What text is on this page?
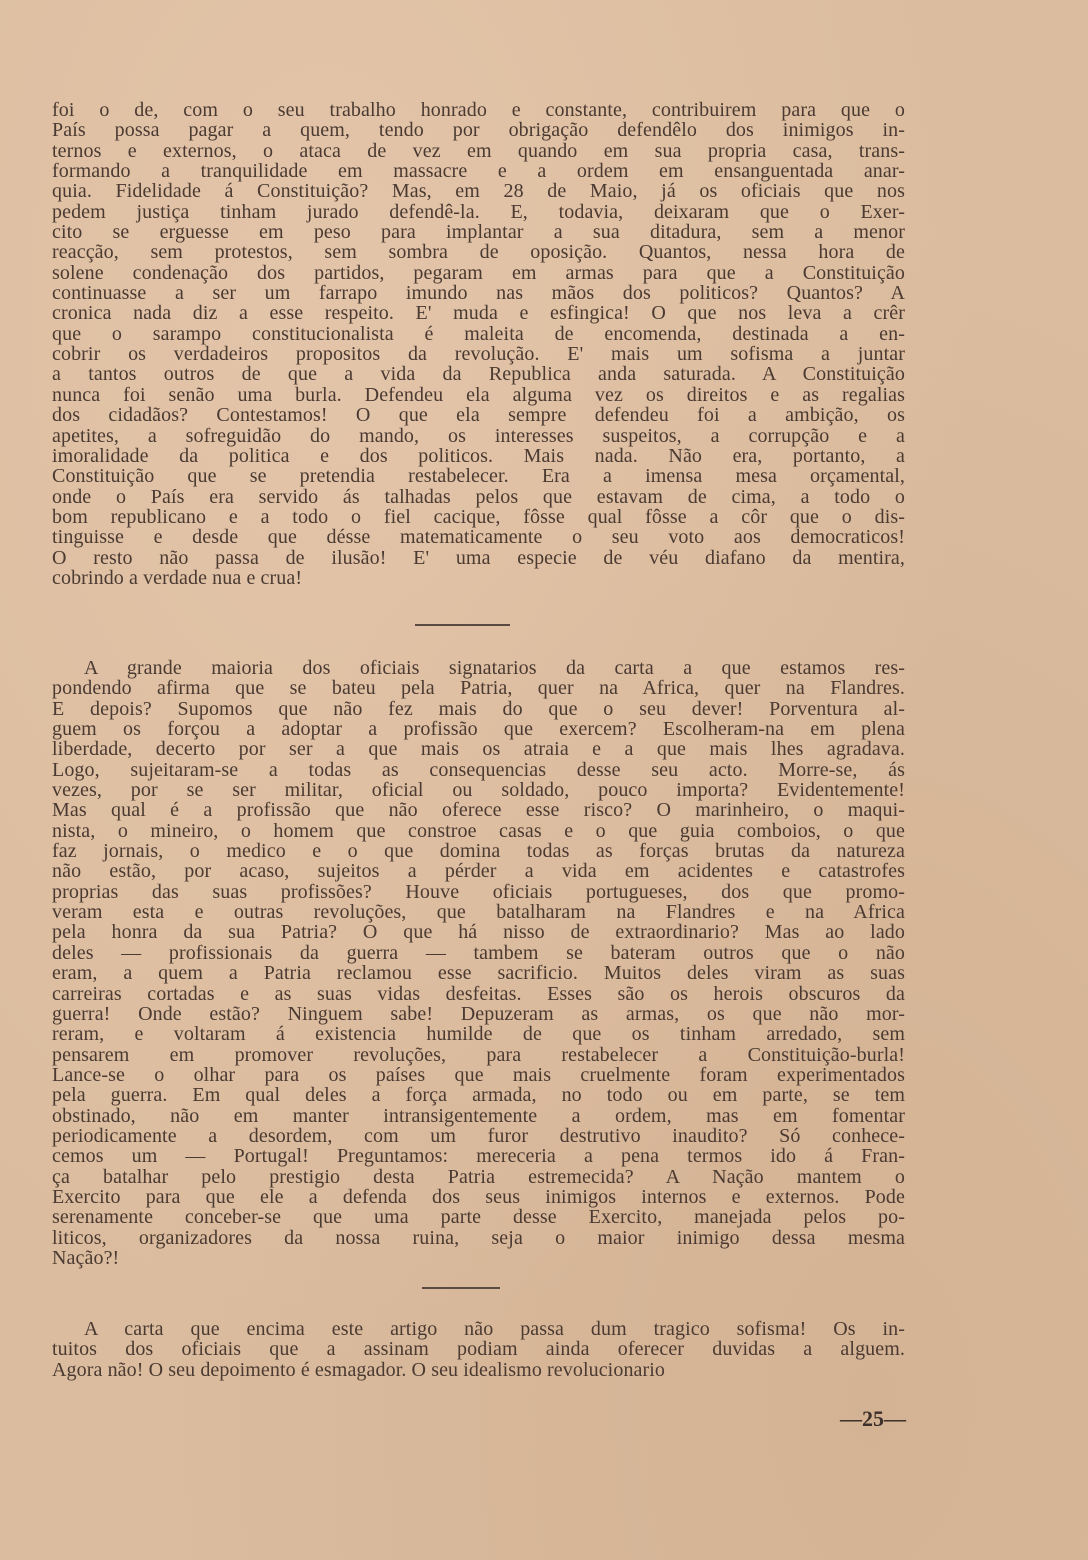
foi o de, com o seu trabalho honrado e constante, contribuirem para que o
País possa pagar a quem, tendo por obrigação defendêlo dos inimigos in-
ternos e externos, o ataca de vez em quando em sua propria casa, trans-
formando a tranquilidade em massacre e a ordem em ensanguentada anar-
quia. Fidelidade á Constituição? Mas, em 28 de Maio, já os oficiais que nos
pedem justiça tinham jurado defendê-la. E, todavia, deixaram que o Exer-
cito se erguesse em peso para implantar a sua ditadura, sem a menor
reacção, sem protestos, sem sombra de oposição. Quantos, nessa hora de
solene condenação dos partidos, pegaram em armas para que a Constituição
continuasse a ser um farrapo imundo nas mãos dos politicos? Quantos? A
cronica nada diz a esse respeito. E' muda e esfingica! O que nos leva a crêr
que o sarampo constitucionalista é maleita de encomenda, destinada a en-
cobrir os verdadeiros propositos da revolução. E' mais um sofisma a juntar
a tantos outros de que a vida da Republica anda saturada. A Constituição
nunca foi senão uma burla. Defendeu ela alguma vez os direitos e as regalias
dos cidadãos? Contestamos! O que ela sempre defendeu foi a ambição, os
apetites, a sofreguidão do mando, os interesses suspeitos, a corrupção e a
imoralidade da politica e dos politicos. Mais nada. Não era, portanto, a
Constituição que se pretendia restabelecer. Era a imensa mesa orçamental,
onde o País era servido ás talhadas pelos que estavam de cima, a todo o
bom republicano e a todo o fiel cacique, fôsse qual fôsse a côr que o dis-
tinguisse e desde que désse matematicamente o seu voto aos democraticos!
O resto não passa de ilusão! E' uma especie de véu diafano da mentira,
cobrindo a verdade nua e crua!
A grande maioria dos oficiais signatarios da carta a que estamos res-
pondendo afirma que se bateu pela Patria, quer na Africa, quer na Flandres.
E depois? Supomos que não fez mais do que o seu dever! Porventura al-
guem os forçou a adoptar a profissão que exercem? Escolheram-na em plena
liberdade, decerto por ser a que mais os atraia e a que mais lhes agradava.
Logo, sujeitaram-se a todas as consequencias desse seu acto. Morre-se, ás
vezes, por se ser militar, oficial ou soldado, pouco importa? Evidentemente!
Mas qual é a profissão que não oferece esse risco? O marinheiro, o maqui-
nista, o mineiro, o homem que constroe casas e o que guia comboios, o que
faz jornais, o medico e o que domina todas as forças brutas da natureza
não estão, por acaso, sujeitos a pérder a vida em acidentes e catastrofes
proprias das suas profissões? Houve oficiais portugueses, dos que promo-
veram esta e outras revoluções, que batalharam na Flandres e na Africa
pela honra da sua Patria? O que há nisso de extraordinario? Mas ao lado
deles — profissionais da guerra — tambem se bateram outros que o não
eram, a quem a Patria reclamou esse sacrificio. Muitos deles viram as suas
carreiras cortadas e as suas vidas desfeitas. Esses são os herois obscuros da
guerra! Onde estão? Ninguem sabe! Depuzeram as armas, os que não mor-
reram, e voltaram á existencia humilde de que os tinham arredado, sem
pensarem em promover revoluções, para restabelecer a Constituição-burla!
Lance-se o olhar para os países que mais cruelmente foram experimentados
pela guerra. Em qual deles a força armada, no todo ou em parte, se tem
obstinado, não em manter intransigentemente a ordem, mas em fomentar
periodicamente a desordem, com um furor destrutivo inaudito? Só conhece-
cemos um — Portugal! Preguntamos: mereceria a pena termos ido á Fran-
ça batalhar pelo prestigio desta Patria estremecida? A Nação mantem o
Exercito para que ele a defenda dos seus inimigos internos e externos. Pode
serenamente conceber-se que uma parte desse Exercito, manejada pelos po-
liticos, organizadores da nossa ruina, seja o maior inimigo dessa mesma
Nação?!
A carta que encima este artigo não passa dum tragico sofisma! Os in-
tuitos dos oficiais que a assinam podiam ainda oferecer duvidas a alguem.
Agora não! O seu depoimento é esmagador. O seu idealismo revolucionario
—25—
